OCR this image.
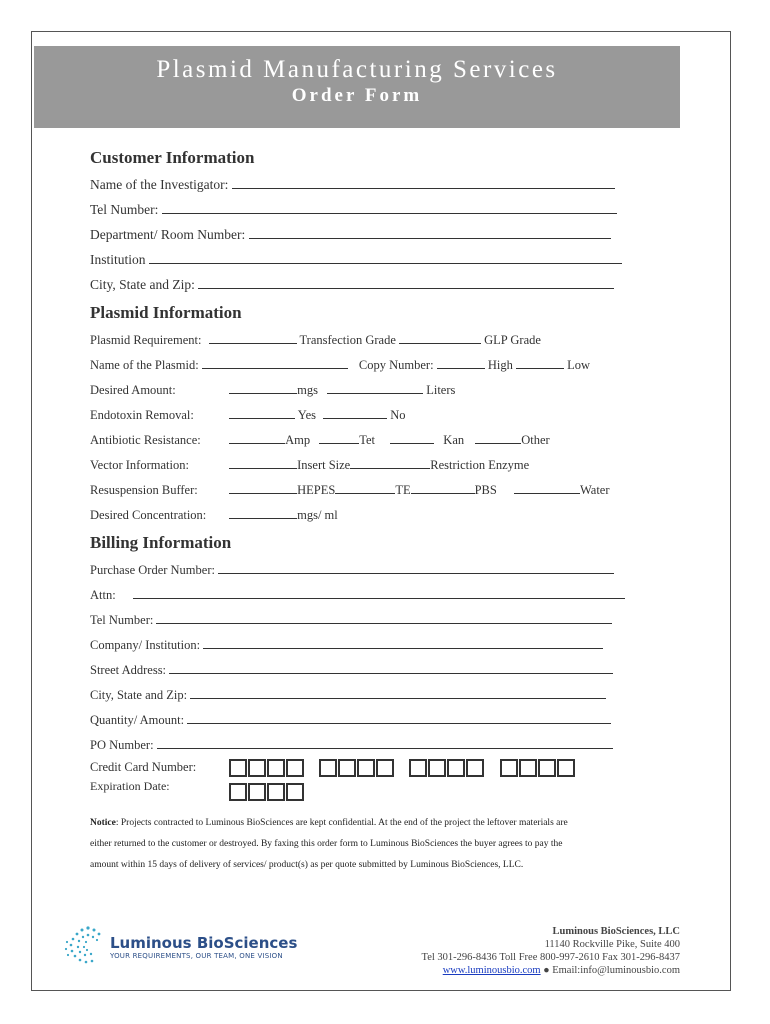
Plasmid Manufacturing Services
Order Form
Customer Information
Name of the Investigator:
Tel Number:
Department/ Room Number:
Institution
City, State and Zip:
Plasmid Information
Plasmid Requirement:	Transfection Grade	GLP Grade
Name of the Plasmid:	Copy Number:	High	Low
Desired Amount:	mgs	Liters
Endotoxin Removal:	Yes	No
Antibiotic Resistance:	Amp	Tet	Kan	Other
Vector Information:	Insert Size	Restriction Enzyme
Resuspension Buffer:	HEPES	TE	PBS	Water
Desired Concentration:	mgs/ ml
Billing Information
Purchase Order Number:
Attn:
Tel Number:
Company/ Institution:
Street Address:
City, State and Zip:
Quantity/ Amount:
PO Number:
Credit Card Number:
Expiration Date:
Notice: Projects contracted to Luminous BioSciences are kept confidential. At the end of the project the leftover materials are
either returned to the customer or destroyed. By faxing this order form to Luminous BioSciences the buyer agrees to pay the
amount within 15 days of delivery of services/ product(s) as per quote submitted by Luminous BioSciences, LLC.
Luminous BioSciences
YOUR REQUIREMENTS, OUR TEAM, ONE VISION
Luminous BioSciences, LLC
11140 Rockville Pike, Suite 400
Tel 301-296-8436 Toll Free 800-997-2610 Fax 301-296-8437
www.luminousbio.com ● Email:info@luminousbio.com
